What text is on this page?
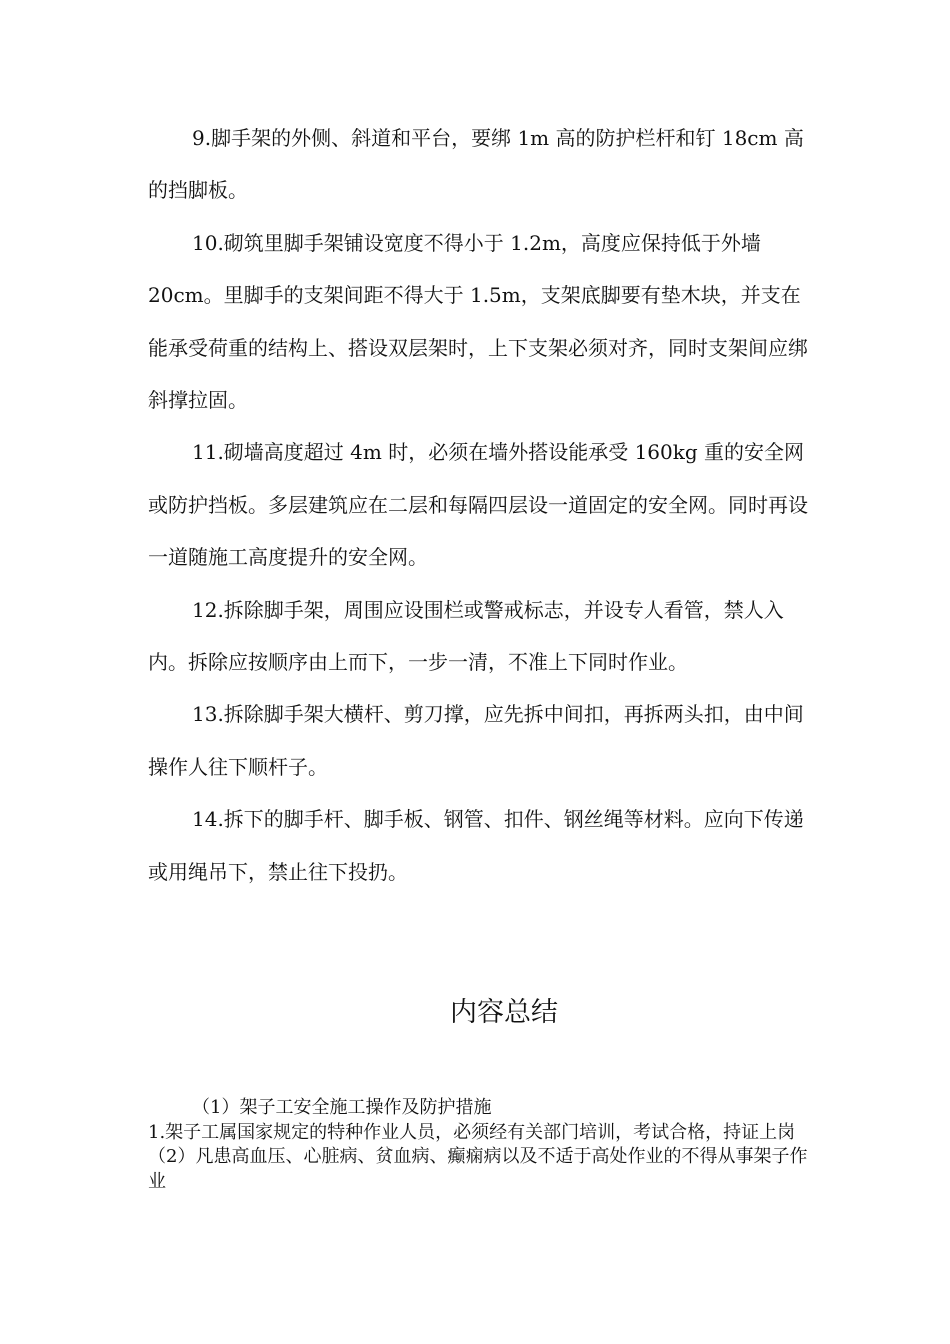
9.脚手架的外侧、斜道和平台，要绑 1m 高的防护栏杆和钉 18cm 高的挡脚板。

10.砌筑里脚手架铺设宽度不得小于 1.2m，高度应保持低于外墙 20cm。里脚手的支架间距不得大于 1.5m，支架底脚要有垫木块，并支在能承受荷重的结构上、搭设双层架时，上下支架必须对齐，同时支架间应绑斜撑拉固。

11.砌墙高度超过 4m 时，必须在墙外搭设能承受 160kg 重的安全网或防护挡板。多层建筑应在二层和每隔四层设一道固定的安全网。同时再设一道随施工高度提升的安全网。

12.拆除脚手架，周围应设围栏或警戒标志，并设专人看管，禁人入内。拆除应按顺序由上而下，一步一清，不准上下同时作业。

13.拆除脚手架大横杆、剪刀撑，应先拆中间扣，再拆两头扣，由中间操作人往下顺杆子。

14.拆下的脚手杆、脚手板、钢管、扣件、钢丝绳等材料。应向下传递或用绳吊下，禁止往下投扔。

内容总结

（1）架子工安全施工操作及防护措施

1.架子工属国家规定的特种作业人员，必须经有关部门培训，考试合格，持证上岗

（2）凡患高血压、心脏病、贫血病、癫痫病以及不适于高处作业的不得从事架子作业
